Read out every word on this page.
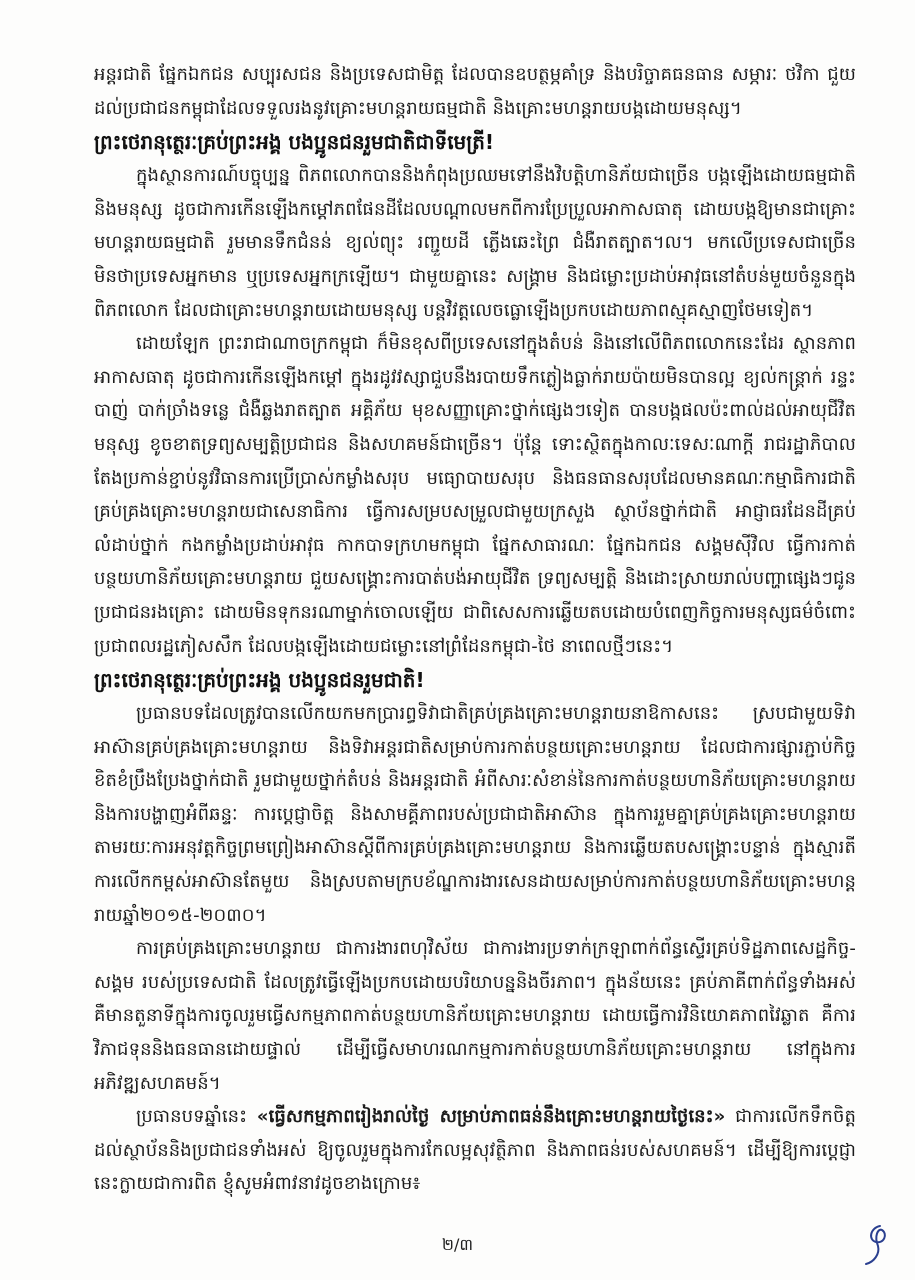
អន្តរជាតិ ផ្នែកឯកជន សប្បុរសជន និងប្រទេសជាមិត្ត ដែលបានឧបត្ថម្ភគាំទ្រ និងបរិច្ចាគធនធាន សម្ភារៈ ថវិកា ជួយដល់ប្រជាជនកម្ពុជាដែលទទួលរងនូវគ្រោះមហន្តរាយធម្មជាតិ និងគ្រោះមហន្តរាយបង្កដោយមនុស្ស។

ព្រះថេរានុត្ថេរៈគ្រប់ព្រះអង្គ បងប្អូនជនរួមជាតិជាទីមេត្រី!

ក្នុងស្ថានការណ៍បច្ចុប្បន្ន ពិភពលោកបាននិងកំពុងប្រឈមទៅនឹងវិបត្តិហានិភ័យជាច្រើន បង្កឡើងដោយធម្មជាតិនិងមនុស្ស ដូចជាការកើនឡើងកម្ដៅភពផែនដីដែលបណ្ដាលមកពីការប្រែប្រួលអាកាសធាតុ ដោយបង្កឱ្យមានជាគ្រោះមហន្តរាយធម្មជាតិ រួមមានទឹកជំនន់ ខ្យល់ព្យុះ រញ្ជួយដី ភ្លើងឆេះព្រៃ ជំងឺរាតត្បាត។ល។ មកលើប្រទេសជាច្រើន មិនថាប្រទេសអ្នកមាន ឬប្រទេសអ្នកក្រឡើយ។ ជាមួយគ្នានេះ សង្គ្រាម និងជម្លោះប្រដាប់អាវុធនៅតំបន់មួយចំនួនក្នុងពិភពលោក ដែលជាគ្រោះមហន្តរាយដោយមនុស្ស បន្តវិវត្តលេចធ្លោឡើងប្រកបដោយភាពស្មុគស្មាញថែមទៀត។

ដោយឡែក ព្រះរាជាណាចក្រកម្ពុជា ក៏មិនខុសពីប្រទេសនៅក្នុងតំបន់ និងនៅលើពិភពលោកនេះដែរ ស្ថានភាពអាកាសធាតុ ដូចជាការកើនឡើងកម្ដៅ ក្នុងរដូវវស្សាជួបនឹងរបាយទឹកភ្លៀងធ្លាក់រាយប៉ាយមិនបានល្អ ខ្យល់កន្ត្រាក់ រន្ទះបាញ់ បាក់ច្រាំងទន្លេ ជំងឺឆ្លងរាតត្បាត អគ្គិភ័យ មុខសញ្ញាគ្រោះថ្នាក់ផ្សេងៗទៀត បានបង្កផលប៉ះពាល់ដល់អាយុជីវិតមនុស្ស ខូចខាតទ្រព្យសម្បត្តិប្រជាជន និងសហគមន៍ជាច្រើន។ ប៉ុន្តែ ទោះស្ថិតក្នុងកាលៈទេសៈណាក្តី រាជរដ្ឋាភិបាលតែងប្រកាន់ខ្ជាប់នូវវិធានការប្រើប្រាស់កម្លាំងសរុប មធ្យោបាយសរុប និងធនធានសរុបដែលមានគណៈកម្មាធិការជាតិគ្រប់គ្រងគ្រោះមហន្តរាយជាសេនាធិការ ធ្វើការសម្របសម្រួលជាមួយក្រសួង ស្ថាប័នថ្នាក់ជាតិ អាជ្ញាធរដែនដីគ្រប់លំដាប់ថ្នាក់ កងកម្លាំងប្រដាប់អាវុធ កាកបាទក្រហមកម្ពុជា ផ្នែកសាធារណៈ ផ្នែកឯកជន សង្គមស៊ីវិល ធ្វើការកាត់បន្ថយហានិភ័យគ្រោះមហន្តរាយ ជួយសង្គ្រោះការបាត់បង់អាយុជីវិត ទ្រព្យសម្បត្តិ និងដោះស្រាយរាល់បញ្ហាផ្សេងៗជូនប្រជាជនរងគ្រោះ ដោយមិនទុកនរណាម្នាក់ចោលឡើយ ជាពិសេសការឆ្លើយតបដោយបំពេញកិច្ចការមនុស្សធម៌ចំពោះប្រជាពលរដ្ឋភៀសសឹក ដែលបង្កឡើងដោយជម្លោះនៅព្រំដែនកម្ពុជា-ថៃ នាពេលថ្មីៗនេះ។

ព្រះថេរានុត្ថេរៈគ្រប់ព្រះអង្គ បងប្អូនជនរួមជាតិ!

ប្រធានបទដែលត្រូវបានលើកយកមកប្រារព្ធទិវាជាតិគ្រប់គ្រងគ្រោះមហន្តរាយនាឱកាសនេះ ស្របជាមួយទិវាអាស៊ានគ្រប់គ្រងគ្រោះមហន្តរាយ និងទិវាអន្តរជាតិសម្រាប់ការកាត់បន្ថយគ្រោះមហន្តរាយ ដែលជាការផ្សារភ្ជាប់កិច្ចខិតខំប្រឹងប្រែងថ្នាក់ជាតិ រួមជាមួយថ្នាក់តំបន់ និងអន្តរជាតិ អំពីសារៈសំខាន់នៃការកាត់បន្ថយហានិភ័យគ្រោះមហន្តរាយ និងការបង្ហាញអំពីឆន្ទៈ ការប្ដេជ្ញាចិត្ត និងសាមគ្គីភាពរបស់ប្រជាជាតិអាស៊ាន ក្នុងការរួមគ្នាគ្រប់គ្រងគ្រោះមហន្តរាយ តាមរយៈការអនុវត្តកិច្ចព្រមព្រៀងអាស៊ានស្ដីពីការគ្រប់គ្រងគ្រោះមហន្តរាយ និងការឆ្លើយតបសង្គ្រោះបន្ទាន់ ក្នុងស្មារតីការលើកកម្ពស់អាស៊ានតែមួយ និងស្របតាមក្របខ័ណ្ឌការងារសេនដាយសម្រាប់ការកាត់បន្ថយហានិភ័យគ្រោះមហន្តរាយឆ្នាំ២០១៥-២០៣០។

ការគ្រប់គ្រងគ្រោះមហន្តរាយ ជាការងារពហុវិស័យ ជាការងារប្រទាក់ក្រឡាពាក់ព័ន្ធស្ទើរគ្រប់ទិដ្ឋភាពសេដ្ឋកិច្ច-សង្គម របស់ប្រទេសជាតិ ដែលត្រូវធ្វើឡើងប្រកបដោយបរិយាបន្ននិងចីរភាព។ ក្នុងន័យនេះ គ្រប់ភាគីពាក់ព័ន្ធទាំងអស់ គឺមានតួនាទីក្នុងការចូលរួមធ្វើសកម្មភាពកាត់បន្ថយហានិភ័យគ្រោះមហន្តរាយ ដោយធ្វើការវិនិយោគភាពវៃឆ្លាត គឺការវិភាជទុននិងធនធានដោយផ្ទាល់ ដើម្បីធ្វើសមាហរណកម្មការកាត់បន្ថយហានិភ័យគ្រោះមហន្តរាយ នៅក្នុងការអភិវឌ្ឍសហគមន៍។

ប្រធានបទឆ្នាំនេះ «ធ្វើសកម្មភាពរៀងរាល់ថ្ងៃ សម្រាប់ភាពធន់នឹងគ្រោះមហន្តរាយថ្ងៃនេះ» ជាការលើកទឹកចិត្តដល់ស្ថាប័ននិងប្រជាជនទាំងអស់ ឱ្យចូលរួមក្នុងការកែលម្អសុវត្ថិភាព និងភាពធន់របស់សហគមន៍។ ដើម្បីឱ្យការប្ដេជ្ញានេះក្លាយជាការពិត ខ្ញុំសូមអំពាវនាវដូចខាងក្រោម៖

២/៣
